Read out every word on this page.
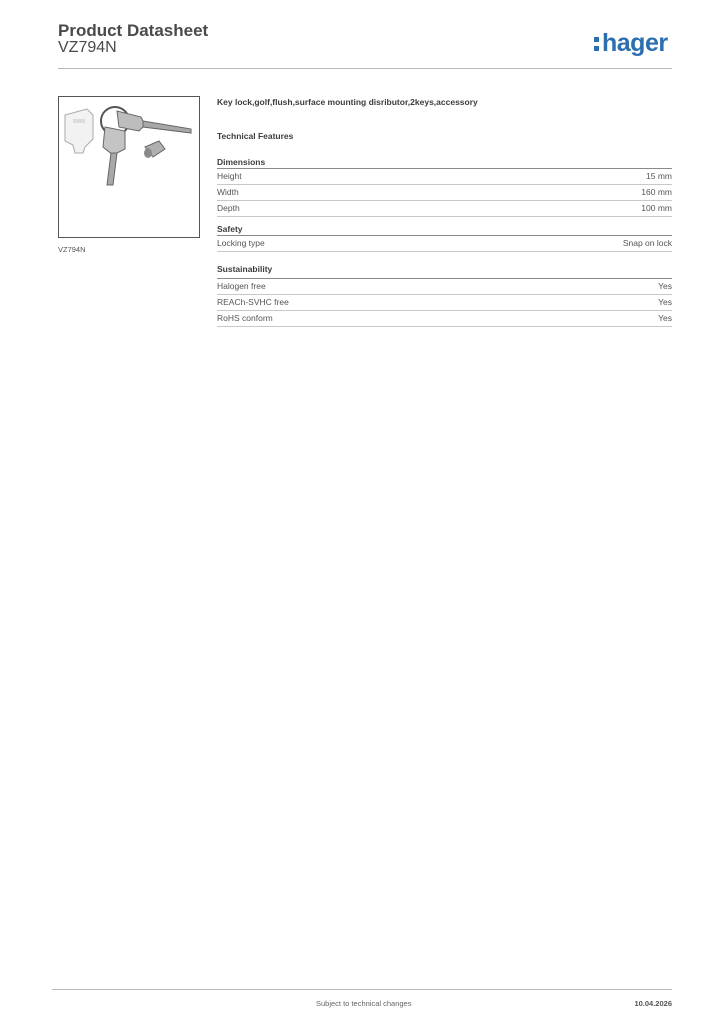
Product Datasheet
VZ794N	hager
VZ794N
Key lock,golf,flush,surface mounting disributor,2keys,accessory
Technical Features
Dimensions
Height	15 mm
Width	160 mm
Depth	100 mm
Safety
Locking type	Snap on lock
Sustainability
Halogen free	Yes
REACh-SVHC free	Yes
RoHS conform	Yes
Subject to technical changes	10.04.2026
